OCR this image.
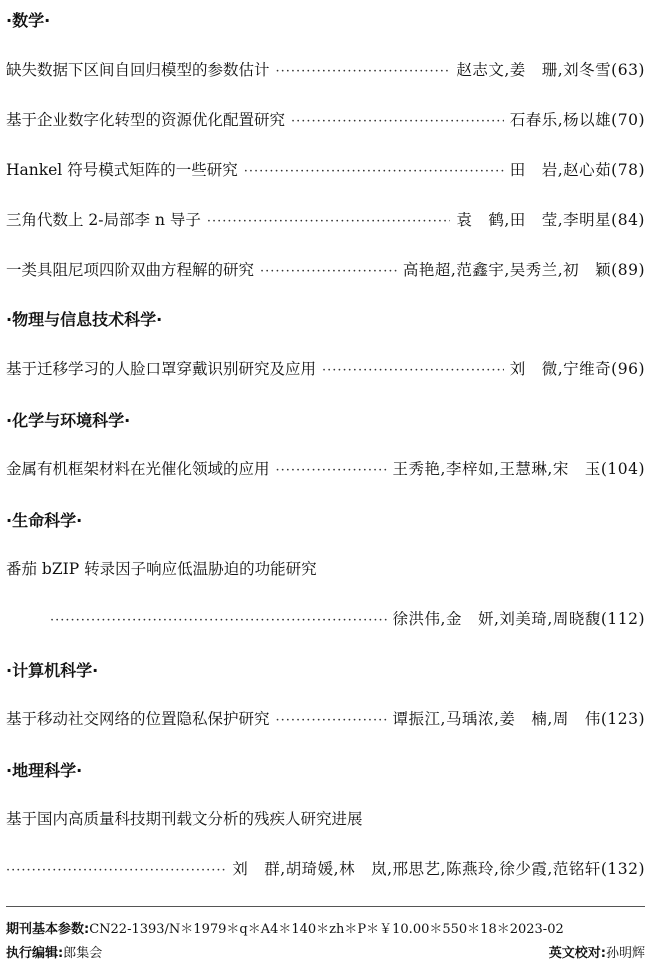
·数学·
缺失数据下区间自回归模型的参数估计 ·····	赵志文,姜　珊,刘冬雪(63)
基于企业数字化转型的资源优化配置研究 ·····	石春乐,杨以雄(70)
Hankel 符号模式矩阵的一些研究 ·····	田　岩,赵心茹(78)
三角代数上 2-局部李 n 导子 ·····	袁　鹤,田　莹,李明星(84)
一类具阻尼项四阶双曲方程解的研究 ·····	高艳超,范鑫宇,吴秀兰,初　颖(89)
·物理与信息技术科学·
基于迁移学习的人脸口罩穿戴识别研究及应用 ·····	刘　微,宁维奇(96)
·化学与环境科学·
金属有机框架材料在光催化领域的应用 ·····	王秀艳,李梓如,王慧琳,宋　玉(104)
·生命科学·
番茄 bZIP 转录因子响应低温胁迫的功能研究
·····
徐洪伟,金　妍,刘美琦,周晓馥(112)
·计算机科学·
基于移动社交网络的位置隐私保护研究 ·····	谭振江,马瑀浓,姜　楠,周　伟(123)
·地理科学·
基于国内高质量科技期刊载文分析的残疾人研究进展
·····
刘　群,胡琦媛,林　岚,邢思艺,陈燕玲,徐少霞,范铭轩(132)
期刊基本参数:CN22-1393/N＊1979＊q＊A4＊140＊zh＊P＊￥10.00＊550＊18＊2023-02
执行编辑:郎集会	英文校对:孙明辉
